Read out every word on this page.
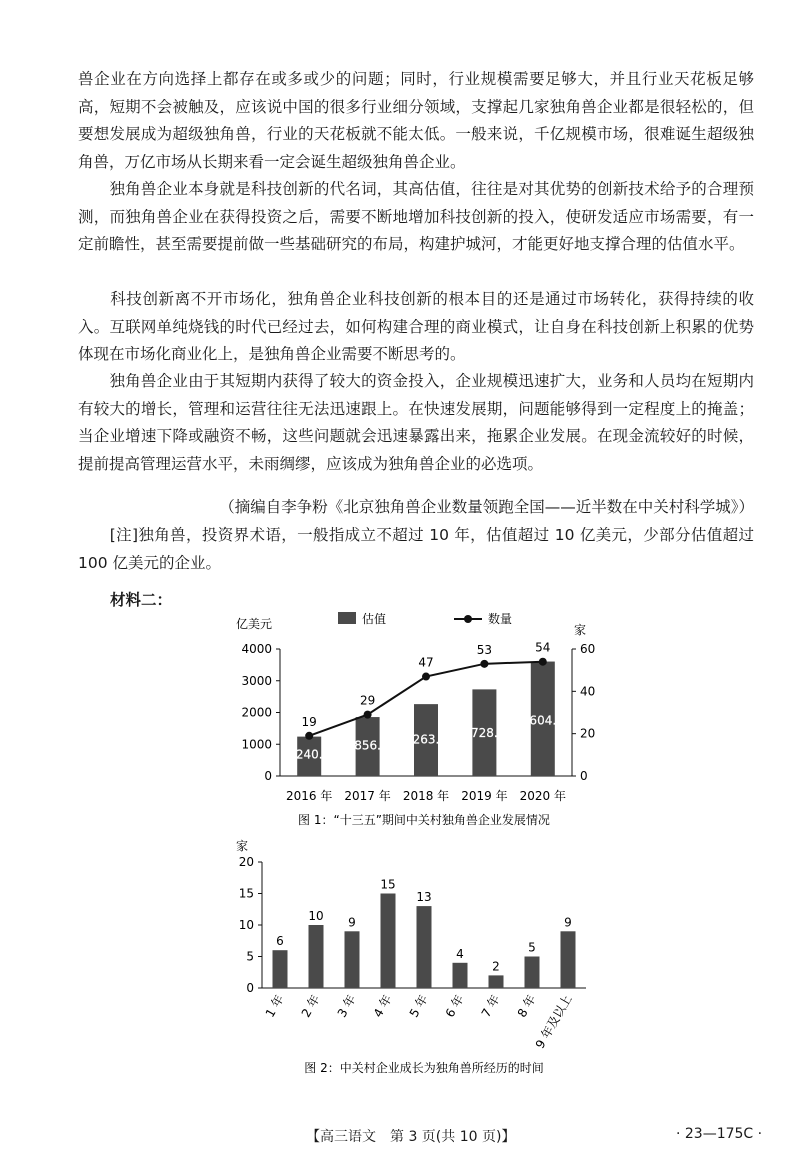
兽企业在方向选择上都存在或多或少的问题；同时，行业规模需要足够大，并且行业天花板足够高，短期不会被触及，应该说中国的很多行业细分领域，支撑起几家独角兽企业都是很轻松的，但要想发展成为超级独角兽，行业的天花板就不能太低。一般来说，千亿规模市场，很难诞生超级独角兽，万亿市场从长期来看一定会诞生超级独角兽企业。

　　独角兽企业本身就是科技创新的代名词，其高估值，往往是对其优势的创新技术给予的合理预测，而独角兽企业在获得投资之后，需要不断地增加科技创新的投入，使研发适应市场需要，有一定前瞻性，甚至需要提前做一些基础研究的布局，构建护城河，才能更好地支撑合理的估值水平。

　　科技创新离不开市场化，独角兽企业科技创新的根本目的还是通过市场转化，获得持续的收入。互联网单纯烧钱的时代已经过去，如何构建合理的商业模式，让自身在科技创新上积累的优势体现在市场化商业化上，是独角兽企业需要不断思考的。

　　独角兽企业由于其短期内获得了较大的资金投入，企业规模迅速扩大，业务和人员均在短期内有较大的增长，管理和运营往往无法迅速跟上。在快速发展期，问题能够得到一定程度上的掩盖；当企业增速下降或融资不畅，这些问题就会迅速暴露出来，拖累企业发展。在现金流较好的时候，提前提高管理运营水平，未雨绸缪，应该成为独角兽企业的必选项。

（摘编自李争粉《北京独角兽企业数量领跑全国——近半数在中关村科学城》）

　　[注]独角兽，投资界术语，一般指成立不超过 10 年，估值超过 10 亿美元，少部分估值超过 100 亿美元的企业。

材料二：
0
1000
2000
3000
4000
0
20
40
60
亿美元	家
估值	数量
1240.5
1856.2 2263.6 2728.1
3604.8
19
29
47
53	54
2016 年 2017 年 2018 年 2019 年 2020 年
图 1：“十三五”期间中关村独角兽企业发展情况
家
0
5
10
15
20
6
10 9
15
13
4
2
5
9
1 年 2 年 3 年 4 年 5 年 6 年 7 年 8 年
9 年及以上
图 2：中关村企业成长为独角兽所经历的时间
【高三语文　第 3 页(共 10 页)】	· 23—175C ·
